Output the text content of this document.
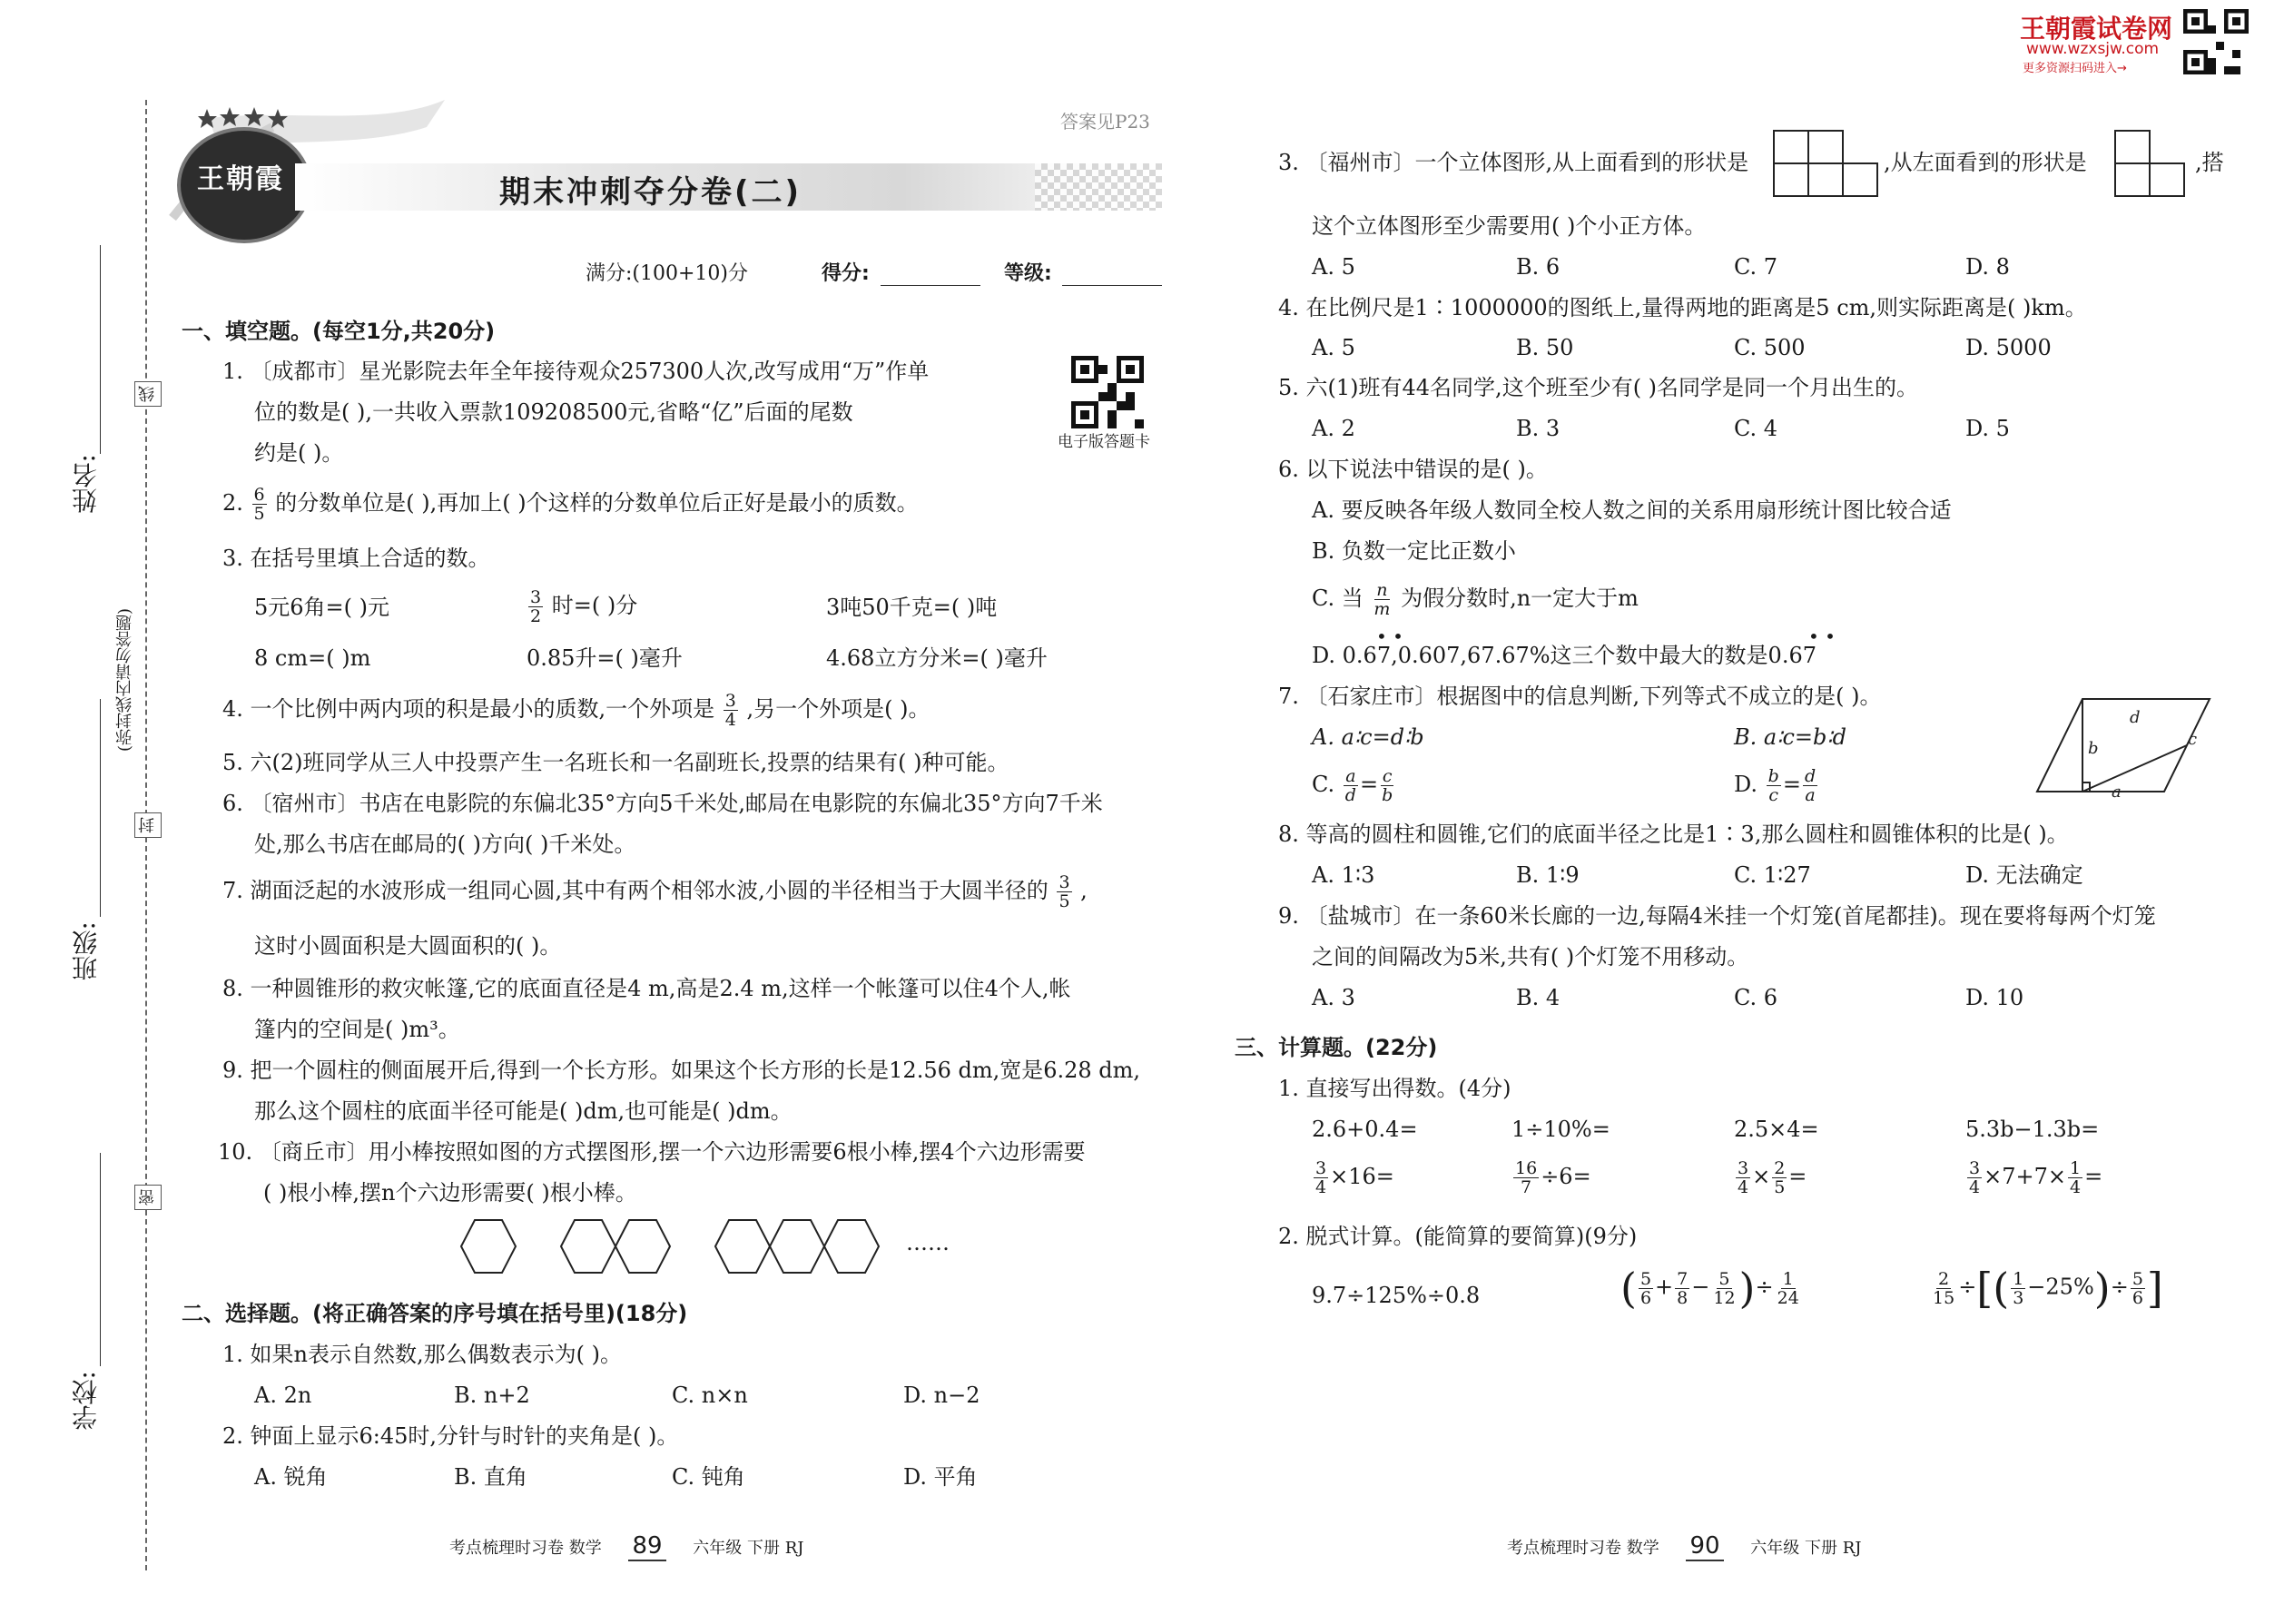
姓名:
班级:
学校:
线
封
密
(弥封线内请勿答题)
王朝霞	期末冲刺夺分卷(二)
答案见P23
满分:(100+10)分	得分:	等级:
电子版答题卡
一、填空题。(每空1分,共20分)
1. 〔成都市〕星光影院去年全年接待观众257300人次,改写成用“万”作单
位的数是( ),一共收入票款109208500元,省略“亿”后面的尾数
约是( )。
2. $\frac{6}{5}$ 的分数单位是( ),再加上( )个这样的分数单位后正好是最小的质数。
3. 在括号里填上合适的数。
5元6角=( )元	$\frac{3}{2}$ 时=( )分	3吨50千克=( )吨
8 cm=( )m	0.85升=( )毫升	4.68立方分米=( )毫升
4. 一个比例中两内项的积是最小的质数,一个外项是 $\frac{3}{4}$ ,另一个外项是( )。
5. 六(2)班同学从三人中投票产生一名班长和一名副班长,投票的结果有( )种可能。
6. 〔宿州市〕书店在电影院的东偏北35°方向5千米处,邮局在电影院的东偏北35°方向7千米
处,那么书店在邮局的( )方向( )千米处。
7. 湖面泛起的水波形成一组同心圆,其中有两个相邻水波,小圆的半径相当于大圆半径的 $\frac{3}{5}$ ,
这时小圆面积是大圆面积的( )。
8. 一种圆锥形的救灾帐篷,它的底面直径是4 m,高是2.4 m,这样一个帐篷可以住4个人,帐
篷内的空间是( )m³。
9. 把一个圆柱的侧面展开后,得到一个长方形。如果这个长方形的长是12.56 dm,宽是6.28 dm,
那么这个圆柱的底面半径可能是( )dm,也可能是( )dm。
10. 〔商丘市〕用小棒按照如图的方式摆图形,摆一个六边形需要6根小棒,摆4个六边形需要
( )根小棒,摆n个六边形需要( )根小棒。
……
二、选择题。(将正确答案的序号填在括号里)(18分)
1. 如果n表示自然数,那么偶数表示为( )。
A. 2n	B. n+2	C. n×n	D. n−2
2. 钟面上显示6:45时,分针与时针的夹角是( )。
A. 锐角	B. 直角	C. 钝角	D. 平角
考点梳理时习卷 数学 89 六年级 下册 RJ
王朝霞试卷网
www.wzxsjw.com
更多资源扫码进入→
3. 〔福州市〕一个立体图形,从上面看到的形状是	,从左面看到的形状是	,搭
这个立体图形至少需要用( )个小正方体。
A. 5	B. 6	C. 7	D. 8
4. 在比例尺是1∶1000000的图纸上,量得两地的距离是5 cm,则实际距离是( )km。
A. 5	B. 50	C. 500	D. 5000
5. 六(1)班有44名同学,这个班至少有( )名同学是同一个月出生的。
A. 2	B. 3	C. 4	D. 5
6. 以下说法中错误的是( )。
A. 要反映各年级人数同全校人数之间的关系用扇形统计图比较合适
B. 负数一定比正数小
C. 当 $\frac{n}{m}$ 为假分数时,n一定大于m
D. 0.67,0.607,67.67%这三个数中最大的数是0.67
• •	• •
7. 〔石家庄市〕根据图中的信息判断,下列等式不成立的是( )。
A. a∶c=d∶b	B. a∶c=b∶d
C. $\frac{a}{d} = \frac{c}{b}$	D. $\frac{b}{c} = \frac{d}{a}$
d
c
b
a
8. 等高的圆柱和圆锥,它们的底面半径之比是1∶3,那么圆柱和圆锥体积的比是( )。
A. 1∶3	B. 1∶9	C. 1∶27	D. 无法确定
9. 〔盐城市〕在一条60米长廊的一边,每隔4米挂一个灯笼(首尾都挂)。现在要将每两个灯笼
之间的间隔改为5米,共有( )个灯笼不用移动。
A. 3	B. 4	C. 6	D. 10
三、计算题。(22分)
1. 直接写出得数。(4分)
2.6+0.4=	1÷10%=	2.5×4=	5.3b−1.3b=
$\frac{3}{4} \times 16=$	$\frac{16}{7} \div 6=$	$\frac{3}{4} \times \frac{2}{5}$ =	$\frac{3}{4} \times 7+7\times \frac{1}{4}$ =
2. 脱式计算。(能简算的要简算)(9分)
9.7÷125%÷0.8	( $\frac{5}{6} + \frac{7}{8} - \frac{5}{12}$ )÷ $\frac{1}{24}$	$\frac{2}{15}$ ÷[( $\frac{1}{3} -25\%)\div \frac{5}{6}$ ]
考点梳理时习卷 数学 90 六年级 下册 RJ
